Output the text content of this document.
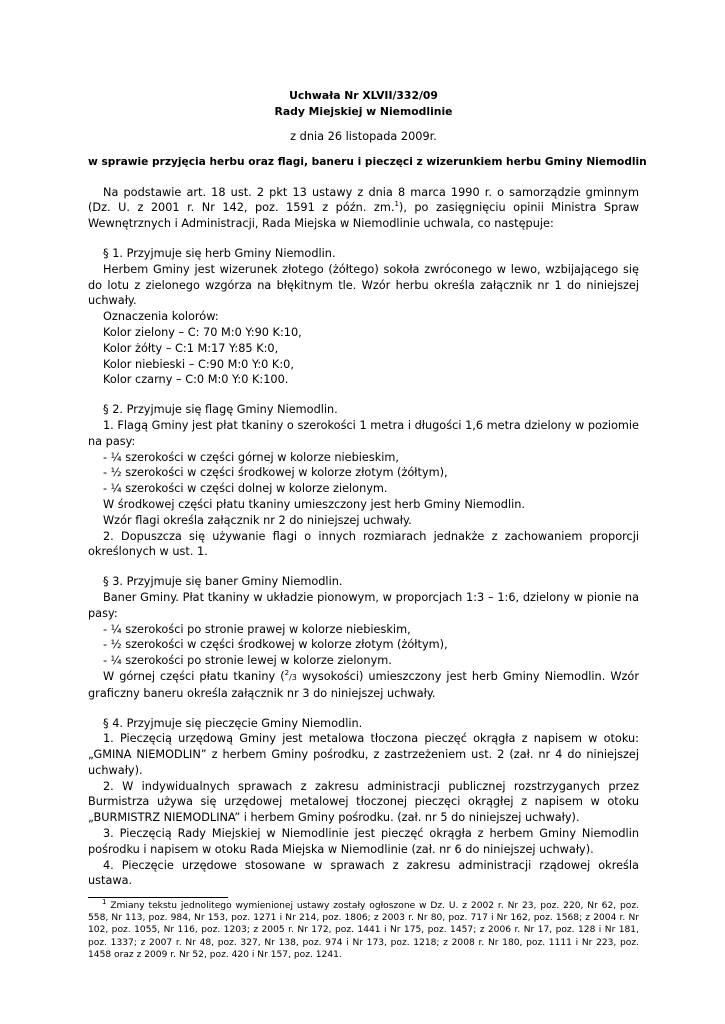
Uchwała Nr XLVII/332/09

Rady Miejskiej w Niemodlinie

z dnia 26 listopada 2009r.

w sprawie przyjęcia herbu oraz flagi, baneru i pieczęci z wizerunkiem herbu Gminy Niemodlin

Na podstawie art. 18 ust. 2 pkt 13 ustawy z dnia 8 marca 1990 r. o samorządzie gminnym (Dz. U. z 2001 r. Nr 142, poz. 1591 z późn. zm.$^1$), po zasięgnięciu opinii Ministra Spraw Wewnętrznych i Administracji, Rada Miejska w Niemodlinie uchwala, co następuje:

§ 1. Przyjmuje się herb Gminy Niemodlin.

Herbem Gminy jest wizerunek złotego (żółtego) sokoła zwróconego w lewo, wzbijającego się do lotu z zielonego wzgórza na błękitnym tle. Wzór herbu określa załącznik nr 1 do niniejszej uchwały.

Oznaczenia kolorów:

Kolor zielony – C: 70 M:0 Y:90 K:10,

Kolor żółty – C:1 M:17 Y:85 K:0,

Kolor niebieski – C:90 M:0 Y:0 K:0,

Kolor czarny – C:0 M:0 Y:0 K:100.

§ 2. Przyjmuje się flagę Gminy Niemodlin.

1. Flagą Gminy jest płat tkaniny o szerokości 1 metra i długości 1,6 metra dzielony w poziomie na pasy:

- ¼ szerokości w części górnej w kolorze niebieskim,

- ½ szerokości w części środkowej w kolorze złotym (żółtym),

- ¼ szerokości w części dolnej w kolorze zielonym.

W środkowej części płatu tkaniny umieszczony jest herb Gminy Niemodlin.

Wzór flagi określa załącznik nr 2 do niniejszej uchwały.

2. Dopuszcza się używanie flagi o innych rozmiarach jednakże z zachowaniem proporcji określonych w ust. 1.

§ 3. Przyjmuje się baner Gminy Niemodlin.

Baner Gminy. Płat tkaniny w układzie pionowym, w proporcjach 1:3 – 1:6, dzielony w pionie na pasy:

- ¼ szerokości po stronie prawej w kolorze niebieskim,

- ½ szerokości w części środkowej w kolorze złotym (żółtym),

- ¼ szerokości po stronie lewej w kolorze zielonym.

W górnej części płatu tkaniny ($^2$/3 wysokości) umieszczony jest herb Gminy Niemodlin. Wzór graficzny baneru określa załącznik nr 3 do niniejszej uchwały.

§ 4. Przyjmuje się pieczęcie Gminy Niemodlin.

1. Pieczęcią urzędową Gminy jest metalowa tłoczona pieczęć okrągła z napisem w otoku: „GMINA NIEMODLIN” z herbem Gminy pośrodku, z zastrzeżeniem ust. 2 (zał. nr 4 do niniejszej uchwały).

2. W indywidualnych sprawach z zakresu administracji publicznej rozstrzyganych przez Burmistrza używa się urzędowej metalowej tłoczonej pieczęci okrągłej z napisem w otoku „BURMISTRZ NIEMODLINA” i herbem Gminy pośrodku. (zał. nr 5 do niniejszej uchwały).

3. Pieczęcią Rady Miejskiej w Niemodlinie jest pieczęć okrągła z herbem Gminy Niemodlin pośrodku i napisem w otoku Rada Miejska w Niemodlinie (zał. nr 6 do niniejszej uchwały).

4. Pieczęcie urzędowe stosowane w sprawach z zakresu administracji rządowej określa ustawa.

$^1$ Zmiany tekstu jednolitego wymienionej ustawy zostały ogłoszone w Dz. U. z 2002 r. Nr 23, poz. 220, Nr 62, poz. 558, Nr 113, poz. 984, Nr 153, poz. 1271 i Nr 214, poz. 1806; z 2003 r. Nr 80, poz. 717 i Nr 162, poz. 1568; z 2004 r. Nr 102, poz. 1055, Nr 116, poz. 1203; z 2005 r. Nr 172, poz. 1441 i Nr 175, poz. 1457; z 2006 r. Nr 17, poz. 128 i Nr 181, poz. 1337; z 2007 r. Nr 48, poz. 327, Nr 138, poz. 974 i Nr 173, poz. 1218; z 2008 r. Nr 180, poz. 1111 i Nr 223, poz. 1458 oraz z 2009 r. Nr 52, poz. 420 i Nr 157, poz. 1241.
